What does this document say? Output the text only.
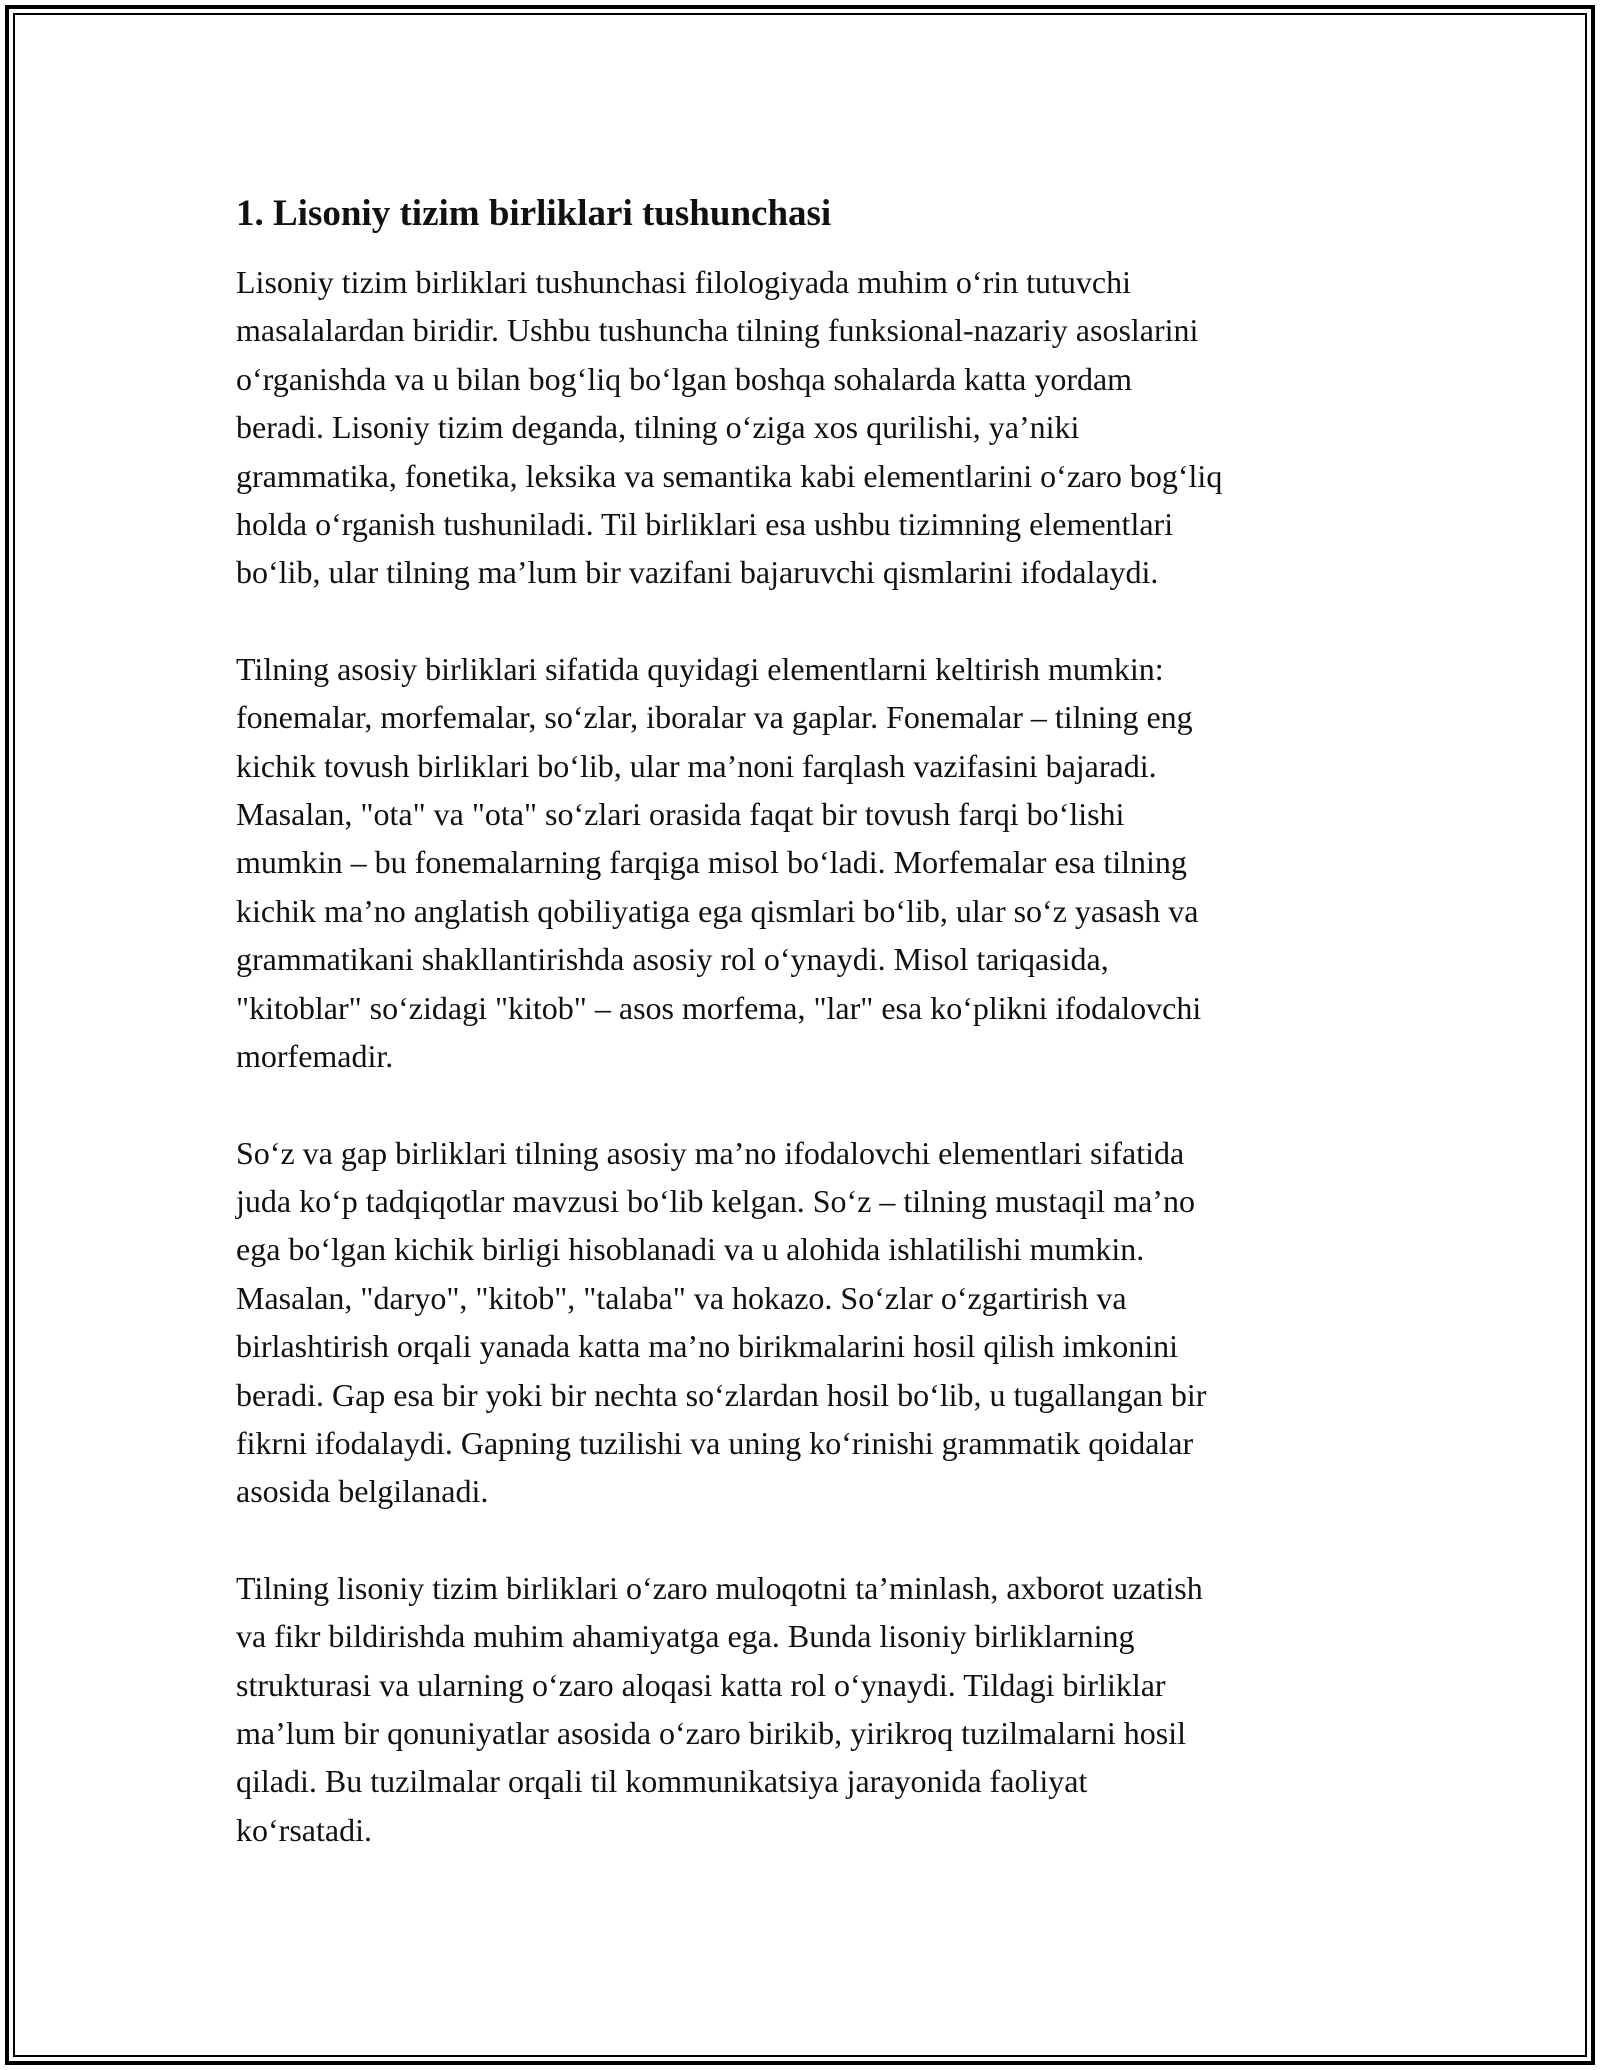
1. Lisoniy tizim birliklari tushunchasi
Lisoniy tizim birliklari tushunchasi filologiyada muhim o‘rin tutuvchi
masalalardan biridir. Ushbu tushuncha tilning funksional-nazariy asoslarini
o‘rganishda va u bilan bog‘liq bo‘lgan boshqa sohalarda katta yordam
beradi. Lisoniy tizim deganda, tilning o‘ziga xos qurilishi, ya’niki
grammatika, fonetika, leksika va semantika kabi elementlarini o‘zaro bog‘liq
holda o‘rganish tushuniladi. Til birliklari esa ushbu tizimning elementlari
bo‘lib, ular tilning ma’lum bir vazifani bajaruvchi qismlarini ifodalaydi.
Tilning asosiy birliklari sifatida quyidagi elementlarni keltirish mumkin:
fonemalar, morfemalar, so‘zlar, iboralar va gaplar. Fonemalar – tilning eng
kichik tovush birliklari bo‘lib, ular ma’noni farqlash vazifasini bajaradi.
Masalan, "ota" va "ota" so‘zlari orasida faqat bir tovush farqi bo‘lishi
mumkin – bu fonemalarning farqiga misol bo‘ladi. Morfemalar esa tilning
kichik ma’no anglatish qobiliyatiga ega qismlari bo‘lib, ular so‘z yasash va
grammatikani shakllantirishda asosiy rol o‘ynaydi. Misol tariqasida,
"kitoblar" so‘zidagi "kitob" – asos morfema, "lar" esa ko‘plikni ifodalovchi
morfemadir.
So‘z va gap birliklari tilning asosiy ma’no ifodalovchi elementlari sifatida
juda ko‘p tadqiqotlar mavzusi bo‘lib kelgan. So‘z – tilning mustaqil ma’no
ega bo‘lgan kichik birligi hisoblanadi va u alohida ishlatilishi mumkin.
Masalan, "daryo", "kitob", "talaba" va hokazo. So‘zlar o‘zgartirish va
birlashtirish orqali yanada katta ma’no birikmalarini hosil qilish imkonini
beradi. Gap esa bir yoki bir nechta so‘zlardan hosil bo‘lib, u tugallangan bir
fikrni ifodalaydi. Gapning tuzilishi va uning ko‘rinishi grammatik qoidalar
asosida belgilanadi.
Tilning lisoniy tizim birliklari o‘zaro muloqotni ta’minlash, axborot uzatish
va fikr bildirishda muhim ahamiyatga ega. Bunda lisoniy birliklarning
strukturasi va ularning o‘zaro aloqasi katta rol o‘ynaydi. Tildagi birliklar
ma’lum bir qonuniyatlar asosida o‘zaro birikib, yirikroq tuzilmalarni hosil
qiladi. Bu tuzilmalar orqali til kommunikatsiya jarayonida faoliyat
ko‘rsatadi.
